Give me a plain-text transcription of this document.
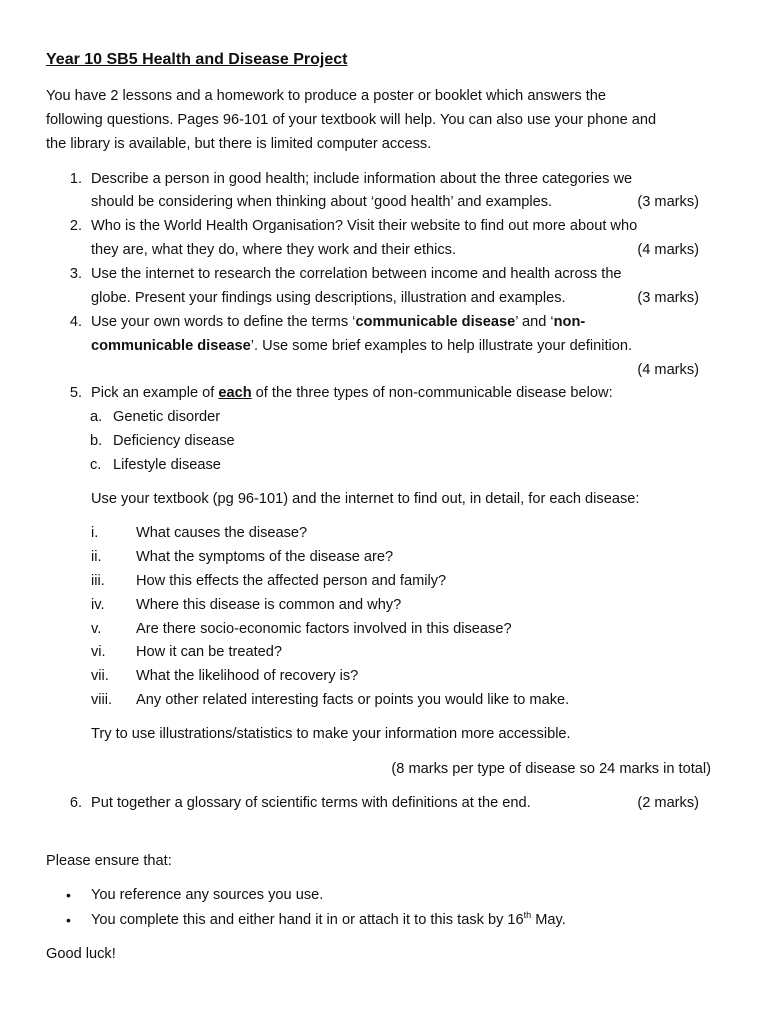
Year 10 SB5 Health and Disease Project
You have 2 lessons and a homework to produce a poster or booklet which answers the
following questions. Pages 96-101 of your textbook will help. You can also use your phone and
the library is available, but there is limited computer access.
1. Describe a person in good health; include information about the three categories we
should be considering when thinking about ‘good health’ and examples.	(3 marks)
2. Who is the World Health Organisation? Visit their website to find out more about who
they are, what they do, where they work and their ethics.	(4 marks)
3. Use the internet to research the correlation between income and health across the
globe. Present your findings using descriptions, illustration and examples.	(3 marks)
4. Use your own words to define the terms ‘communicable disease’ and ‘non-
communicable disease’. Use some brief examples to help illustrate your definition.
(4 marks)
5. Pick an example of each of the three types of non-communicable disease below:
a. Genetic disorder
b. Deficiency disease
c. Lifestyle disease
Use your textbook (pg 96-101) and the internet to find out, in detail, for each disease:
i.	What causes the disease?
ii. What the symptoms of the disease are?
iii. How this effects the affected person and family?
iv. Where this disease is common and why?
v. Are there socio-economic factors involved in this disease?
vi. How it can be treated?
vii. What the likelihood of recovery is?
viii. Any other related interesting facts or points you would like to make.
Try to use illustrations/statistics to make your information more accessible.
(8 marks per type of disease so 24 marks in total)
6. Put together a glossary of scientific terms with definitions at the end.	(2 marks)
Please ensure that:
• You reference any sources you use.
• You complete this and either hand it in or attach it to this task by 16th May.
Good luck!
